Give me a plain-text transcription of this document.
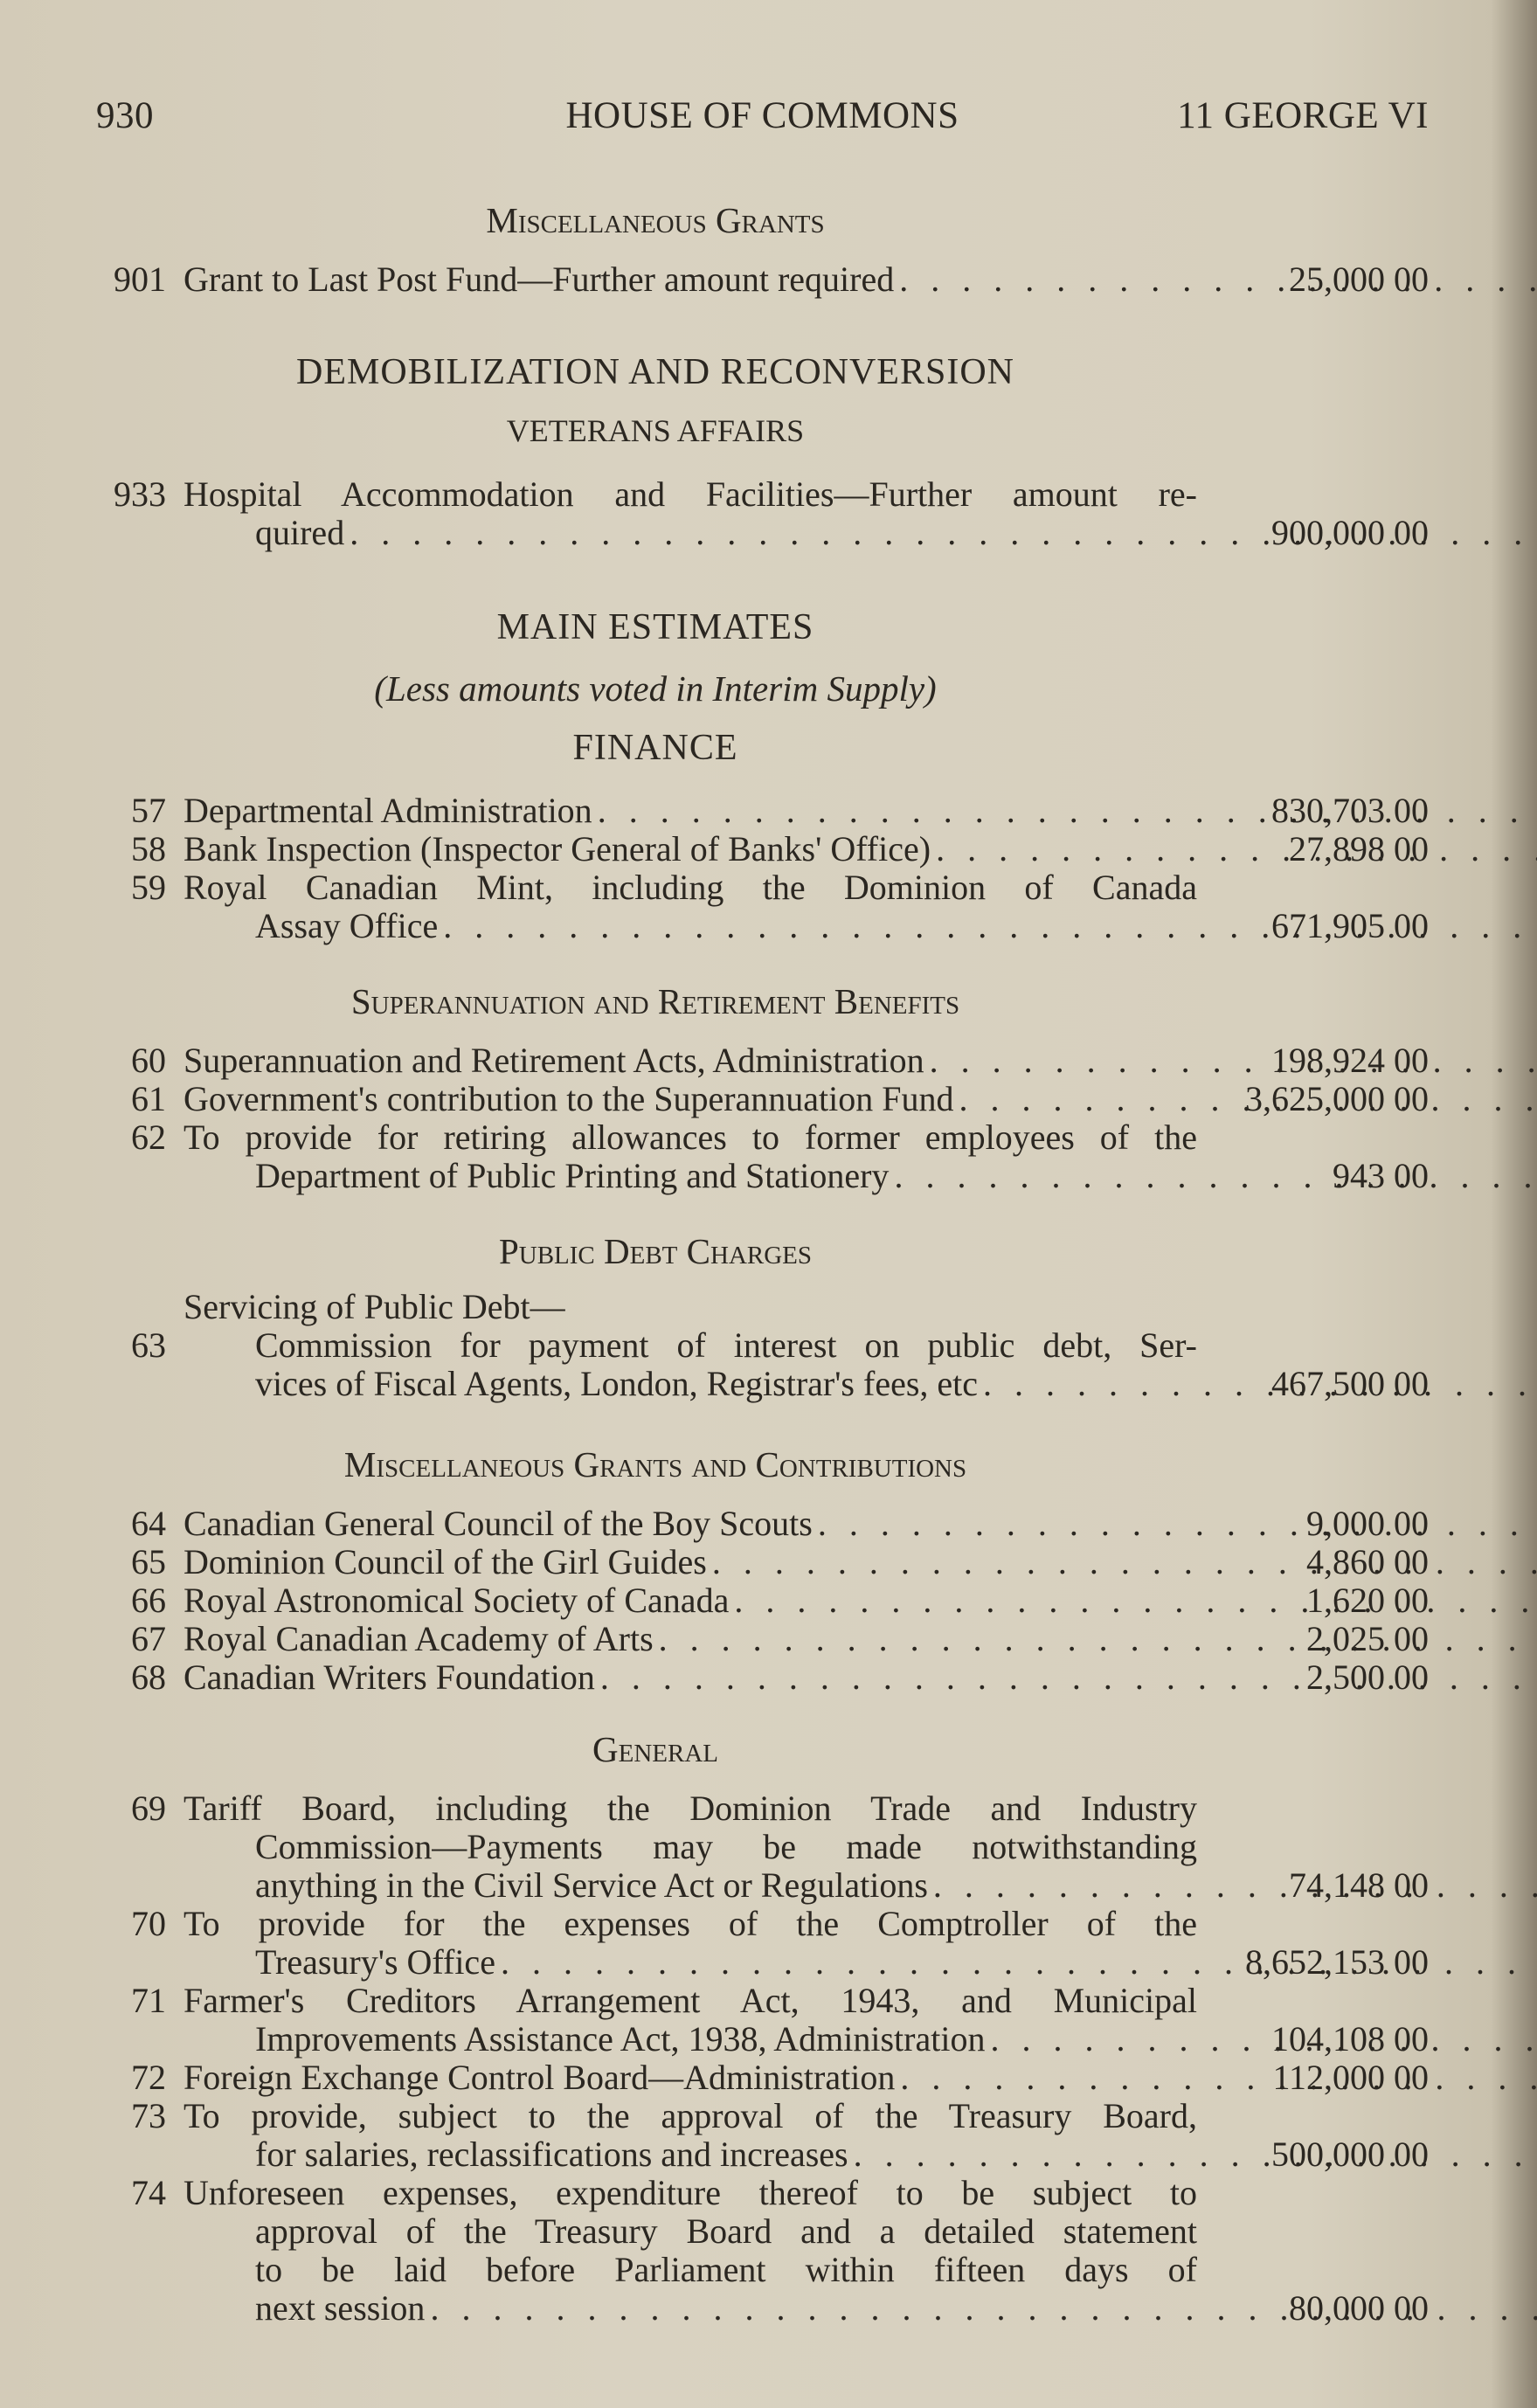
930	HOUSE OF COMMONS	11 GEORGE VI
Miscellaneous Grants
901 Grant to Last Post Fund—Further amount required . . .	25,000 00
DEMOBILIZATION AND RECONVERSION
VETERANS AFFAIRS
933 Hospital Accommodation and Facilities—Further amount re-
quired . . .	900,000 00
MAIN ESTIMATES
(Less amounts voted in Interim Supply)
FINANCE
57 Departmental Administration . . .	830,703 00
58 Bank Inspection (Inspector General of Banks' Office) . . .	27,898 00
59 Royal Canadian Mint, including the Dominion of Canada
Assay Office . . .	671,905 00
Superannuation and Retirement Benefits
60 Superannuation and Retirement Acts, Administration . . .	198,924 00
61 Government's contribution to the Superannuation Fund . . .	3,625,000 00
62 To provide for retiring allowances to former employees of the
Department of Public Printing and Stationery . . .	943 00
Public Debt Charges
Servicing of Public Debt—
63	Commission for payment of interest on public debt, Ser-
vices of Fiscal Agents, London, Registrar's fees, etc . . .	467,500 00
Miscellaneous Grants and Contributions
64 Canadian General Council of the Boy Scouts . . .	9,000 00
65 Dominion Council of the Girl Guides . . .	4,860 00
66 Royal Astronomical Society of Canada . . .	1,620 00
67 Royal Canadian Academy of Arts . . .	2,025 00
68 Canadian Writers Foundation . . .	2,500 00
General
69 Tariff Board, including the Dominion Trade and Industry
Commission—Payments may be made notwithstanding
anything in the Civil Service Act or Regulations . . .	74,148 00
70 To provide for the expenses of the Comptroller of the
Treasury's Office . . .	8,652,153 00
71 Farmer's Creditors Arrangement Act, 1943, and Municipal
Improvements Assistance Act, 1938, Administration . . .	104,108 00
72 Foreign Exchange Control Board—Administration . . .	112,000 00
73 To provide, subject to the approval of the Treasury Board,
for salaries, reclassifications and increases . . .	500,000 00
74 Unforeseen expenses, expenditure thereof to be subject to
approval of the Treasury Board and a detailed statement
to be laid before Parliament within fifteen days of
next session . . .	80,000 00
